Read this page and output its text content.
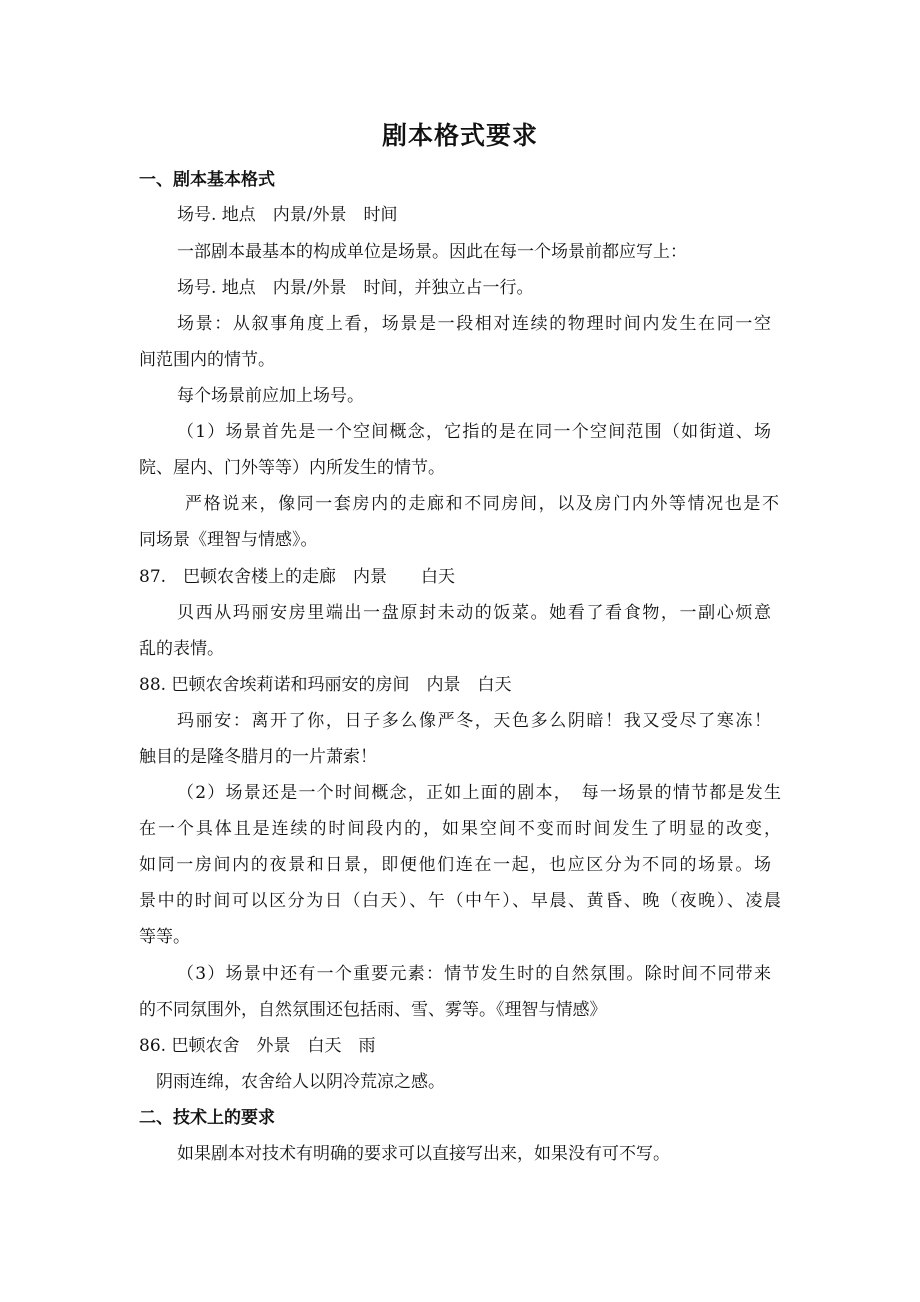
剧本格式要求
一、剧本基本格式
场号. 地点　内景/外景　时间
一部剧本最基本的构成单位是场景。因此在每一个场景前都应写上：
场号. 地点　内景/外景　时间，并独立占一行。
场景：从叙事角度上看，场景是一段相对连续的物理时间内发生在同一空
间范围内的情节。
每个场景前应加上场号。
（1）场景首先是一个空间概念，它指的是在同一个空间范围（如街道、场
院、屋内、门外等等）内所发生的情节。
严格说来，像同一套房内的走廊和不同房间，以及房门内外等情况也是不
同场景《理智与情感》。
87.　巴顿农舍楼上的走廊　内景　　白天
贝西从玛丽安房里端出一盘原封未动的饭菜。她看了看食物，一副心烦意
乱的表情。
88. 巴顿农舍埃莉诺和玛丽安的房间　内景　白天
玛丽安：离开了你，日子多么像严冬，天色多么阴暗！我又受尽了寒冻！
触目的是隆冬腊月的一片萧索！
（2）场景还是一个时间概念，正如上面的剧本，　每一场景的情节都是发生
在一个具体且是连续的时间段内的，如果空间不变而时间发生了明显的改变，
如同一房间内的夜景和日景，即便他们连在一起，也应区分为不同的场景。场
景中的时间可以区分为日（白天）、午（中午）、早晨、黄昏、晚（夜晚）、凌晨
等等。
（3）场景中还有一个重要元素：情节发生时的自然氛围。除时间不同带来
的不同氛围外，自然氛围还包括雨、雪、雾等。《理智与情感》
86. 巴顿农舍　外景　白天　雨
阴雨连绵，农舍给人以阴冷荒凉之感。
二、技术上的要求
如果剧本对技术有明确的要求可以直接写出来，如果没有可不写。
